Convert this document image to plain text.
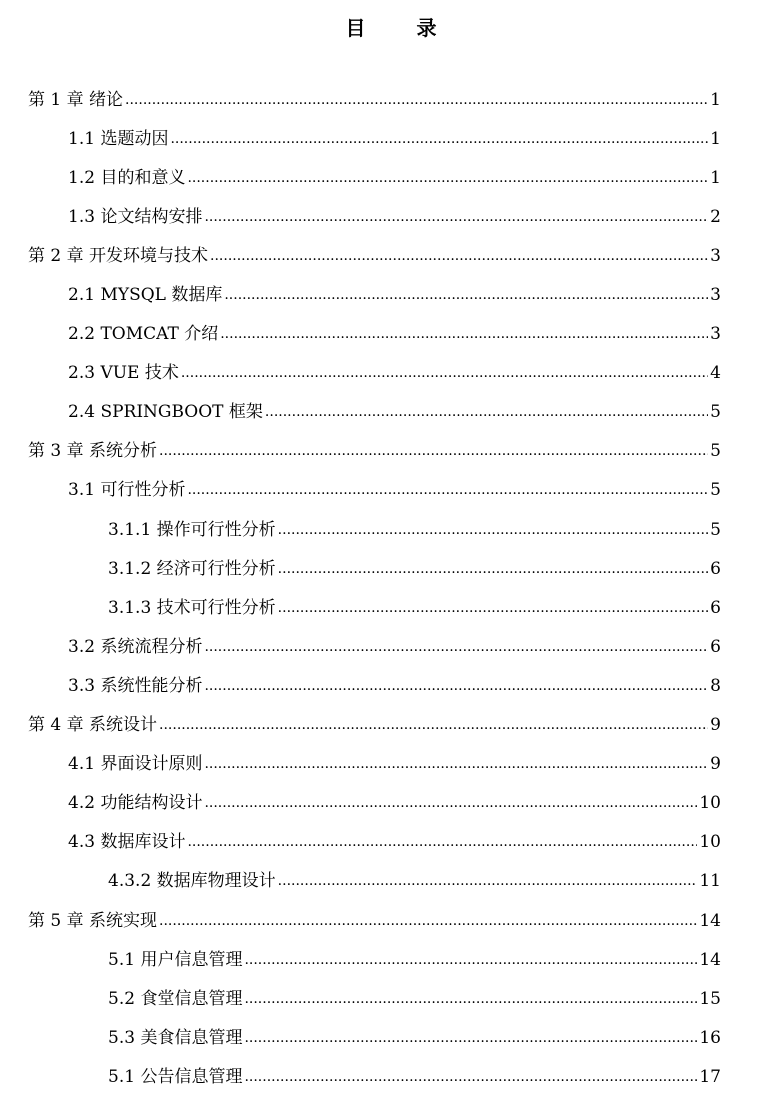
目 录
第 1 章 绪论 .....	1
1.1 选题动因 .....	1
1.2 目的和意义 .....	1
1.3 论文结构安排 .....	2
第 2 章 开发环境与技术 .....	3
2.1 MYSQL 数据库 .....	3
2.2 TOMCAT 介绍 .....	3
2.3 VUE 技术 .....	4
2.4 SPRINGBOOT 框架 .....	5
第 3 章 系统分析 .....	5
3.1 可行性分析 .....	5
3.1.1 操作可行性分析 .....	5
3.1.2 经济可行性分析 .....	6
3.1.3 技术可行性分析 .....	6
3.2 系统流程分析 .....	6
3.3 系统性能分析 .....	8
第 4 章 系统设计 .....	9
4.1 界面设计原则 .....	9
4.2 功能结构设计 .....	10
4.3 数据库设计 .....	10
4.3.2 数据库物理设计 .....	11
第 5 章 系统实现 .....	14
5.1 用户信息管理 .....	14
5.2 食堂信息管理 .....	15
5.3 美食信息管理 .....	16
5.1 公告信息管理 .....	17
